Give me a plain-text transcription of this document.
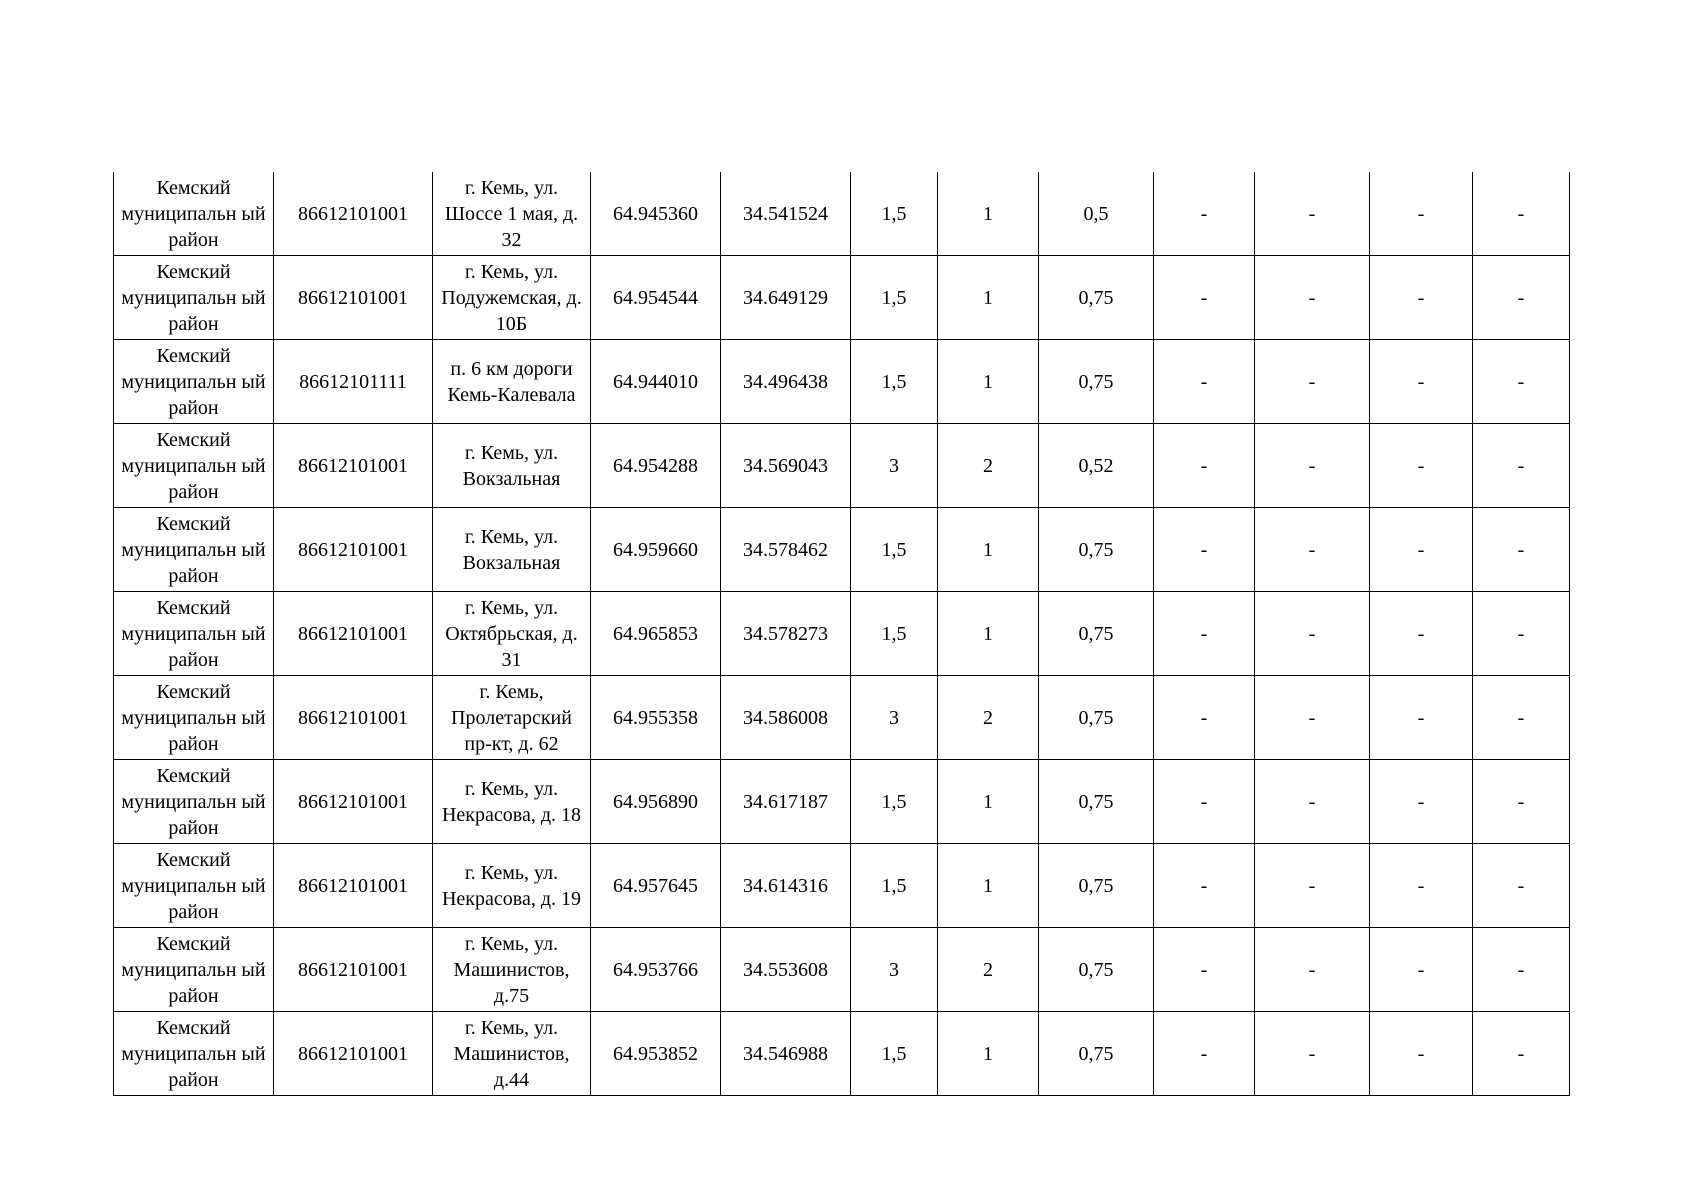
Кемский муниципальн ый район	86612101001	г. Кемь, ул. Шоссе 1 мая, д. 32	64.945360	34.541524	1,5	1	0,5	-	-	-	-
Кемский муниципальн ый район	86612101001	г. Кемь, ул. Подужемская, д. 10Б	64.954544	34.649129	1,5	1	0,75	-	-	-	-
Кемский муниципальн ый район	86612101111	п. 6 км дороги Кемь-Калевала	64.944010	34.496438	1,5	1	0,75	-	-	-	-
Кемский муниципальн ый район	86612101001	г. Кемь, ул. Вокзальная	64.954288	34.569043	3	2	0,52	-	-	-	-
Кемский муниципальн ый район	86612101001	г. Кемь, ул. Вокзальная	64.959660	34.578462	1,5	1	0,75	-	-	-	-
Кемский муниципальн ый район	86612101001	г. Кемь, ул. Октябрьская, д. 31	64.965853	34.578273	1,5	1	0,75	-	-	-	-
Кемский муниципальн ый район	86612101001	г. Кемь, Пролетарский пр-кт, д. 62	64.955358	34.586008	3	2	0,75	-	-	-	-
Кемский муниципальн ый район	86612101001	г. Кемь, ул. Некрасова, д. 18	64.956890	34.617187	1,5	1	0,75	-	-	-	-
Кемский муниципальн ый район	86612101001	г. Кемь, ул. Некрасова, д. 19	64.957645	34.614316	1,5	1	0,75	-	-	-	-
Кемский муниципальн ый район	86612101001	г. Кемь, ул. Машинистов, д.75	64.953766	34.553608	3	2	0,75	-	-	-	-
Кемский муниципальн ый район	86612101001	г. Кемь, ул. Машинистов, д.44	64.953852	34.546988	1,5	1	0,75	-	-	-	-
